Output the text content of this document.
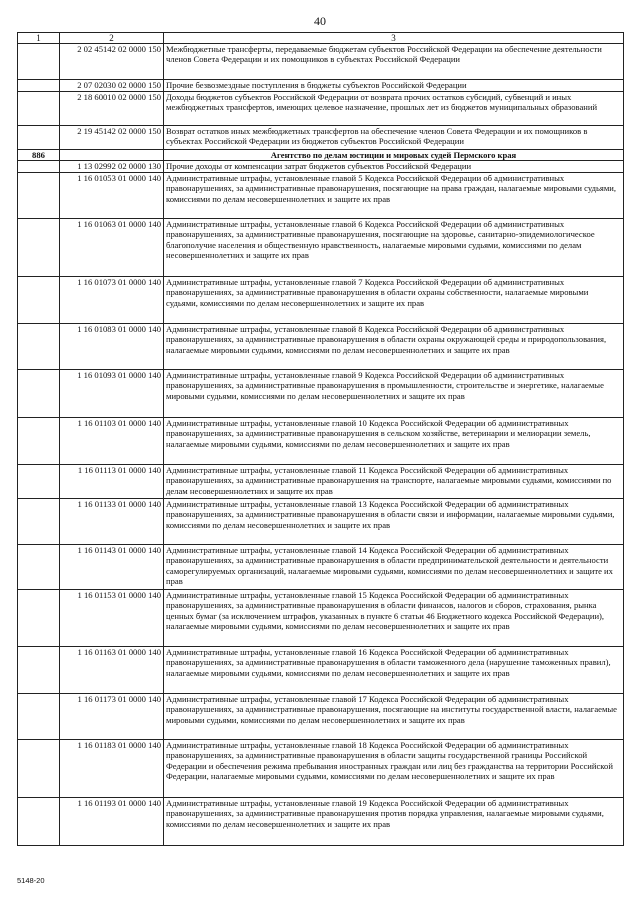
40
1	2	3
	2 02 45142 02 0000 150	Межбюджетные трансферты, передаваемые бюджетам субъектов Российской Федерации на обеспечение деятельности членов Совета Федерации и их помощников в субъектах Российской Федерации
	2 07 02030 02 0000 150	Прочие безвозмездные поступления в бюджеты субъектов Российской Федерации
	2 18 60010 02 0000 150	Доходы бюджетов субъектов Российской Федерации от возврата прочих остатков субсидий, субвенций и иных межбюджетных трансфертов, имеющих целевое назначение, прошлых лет из бюджетов муниципальных образований
	2 19 45142 02 0000 150	Возврат остатков иных межбюджетных трансфертов на обеспечение членов Совета Федерации и их помощников в субъектах Российской Федерации из бюджетов субъектов Российской Федерации
886		Агентство по делам юстиции и мировых судей Пермского края
	1 13 02992 02 0000 130	Прочие доходы от компенсации затрат бюджетов субъектов Российской Федерации
	1 16 01053 01 0000 140	Административные штрафы, установленные главой 5 Кодекса Российской Федерации об административных правонарушениях, за административные правонарушения, посягающие на права граждан, налагаемые мировыми судьями, комиссиями по делам несовершеннолетних и защите их прав
	1 16 01063 01 0000 140	Административные штрафы, установленные главой 6 Кодекса Российской Федерации об административных правонарушениях, за административные правонарушения, посягающие на здоровье, санитарно-эпидемиологическое благополучие населения и общественную нравственность, налагаемые мировыми судьями, комиссиями по делам несовершеннолетних и защите их прав
	1 16 01073 01 0000 140	Административные штрафы, установленные главой 7 Кодекса Российской Федерации об административных правонарушениях, за административные правонарушения в области охраны собственности, налагаемые мировыми судьями, комиссиями по делам несовершеннолетних и защите их прав
	1 16 01083 01 0000 140	Административные штрафы, установленные главой 8 Кодекса Российской Федерации об административных правонарушениях, за административные правонарушения в области охраны окружающей среды и природопользования, налагаемые мировыми судьями, комиссиями по делам несовершеннолетних и защите их прав
	1 16 01093 01 0000 140	Административные штрафы, установленные главой 9 Кодекса Российской Федерации об административных правонарушениях, за административные правонарушения в промышленности, строительстве и энергетике, налагаемые мировыми судьями, комиссиями по делам несовершеннолетних и защите их прав
	1 16 01103 01 0000 140	Административные штрафы, установленные главой 10 Кодекса Российской Федерации об административных правонарушениях, за административные правонарушения в сельском хозяйстве, ветеринарии и мелиорации земель, налагаемые мировыми судьями, комиссиями по делам несовершеннолетних и защите их прав
	1 16 01113 01 0000 140	Административные штрафы, установленные главой 11 Кодекса Российской Федерации об административных правонарушениях, за административные правонарушения на транспорте, налагаемые мировыми судьями, комиссиями по делам несовершеннолетних и защите их прав
	1 16 01133 01 0000 140	Административные штрафы, установленные главой 13 Кодекса Российской Федерации об административных правонарушениях, за административные правонарушения в области связи и информации, налагаемые мировыми судьями, комиссиями по делам несовершеннолетних и защите их прав
	1 16 01143 01 0000 140	Административные штрафы, установленные главой 14 Кодекса Российской Федерации об административных правонарушениях, за административные правонарушения в области предпринимательской деятельности и деятельности саморегулируемых организаций, налагаемые мировыми судьями, комиссиями по делам несовершеннолетних и защите их прав
	1 16 01153 01 0000 140	Административные штрафы, установленные главой 15 Кодекса Российской Федерации об административных правонарушениях, за административные правонарушения в области финансов, налогов и сборов, страхования, рынка ценных бумаг (за исключением штрафов, указанных в пункте 6 статьи 46 Бюджетного кодекса Российской Федерации), налагаемые мировыми судьями, комиссиями по делам несовершеннолетних и защите их прав
	1 16 01163 01 0000 140	Административные штрафы, установленные главой 16 Кодекса Российской Федерации об административных правонарушениях, за административные правонарушения в области таможенного дела (нарушение таможенных правил), налагаемые мировыми судьями, комиссиями по делам несовершеннолетних и защите их прав
	1 16 01173 01 0000 140	Административные штрафы, установленные главой 17 Кодекса Российской Федерации об административных правонарушениях, за административные правонарушения, посягающие на институты государственной власти, налагаемые мировыми судьями, комиссиями по делам несовершеннолетних и защите их прав
	1 16 01183 01 0000 140	Административные штрафы, установленные главой 18 Кодекса Российской Федерации об административных правонарушениях, за административные правонарушения в области защиты государственной границы Российской Федерации и обеспечения режима пребывания иностранных граждан или лиц без гражданства на территории Российской Федерации, налагаемые мировыми судьями, комиссиями по делам несовершеннолетних и защите их прав
	1 16 01193 01 0000 140	Административные штрафы, установленные главой 19 Кодекса Российской Федерации об административных правонарушениях, за административные правонарушения против порядка управления, налагаемые мировыми судьями, комиссиями по делам несовершеннолетних и защите их прав
5148-20
